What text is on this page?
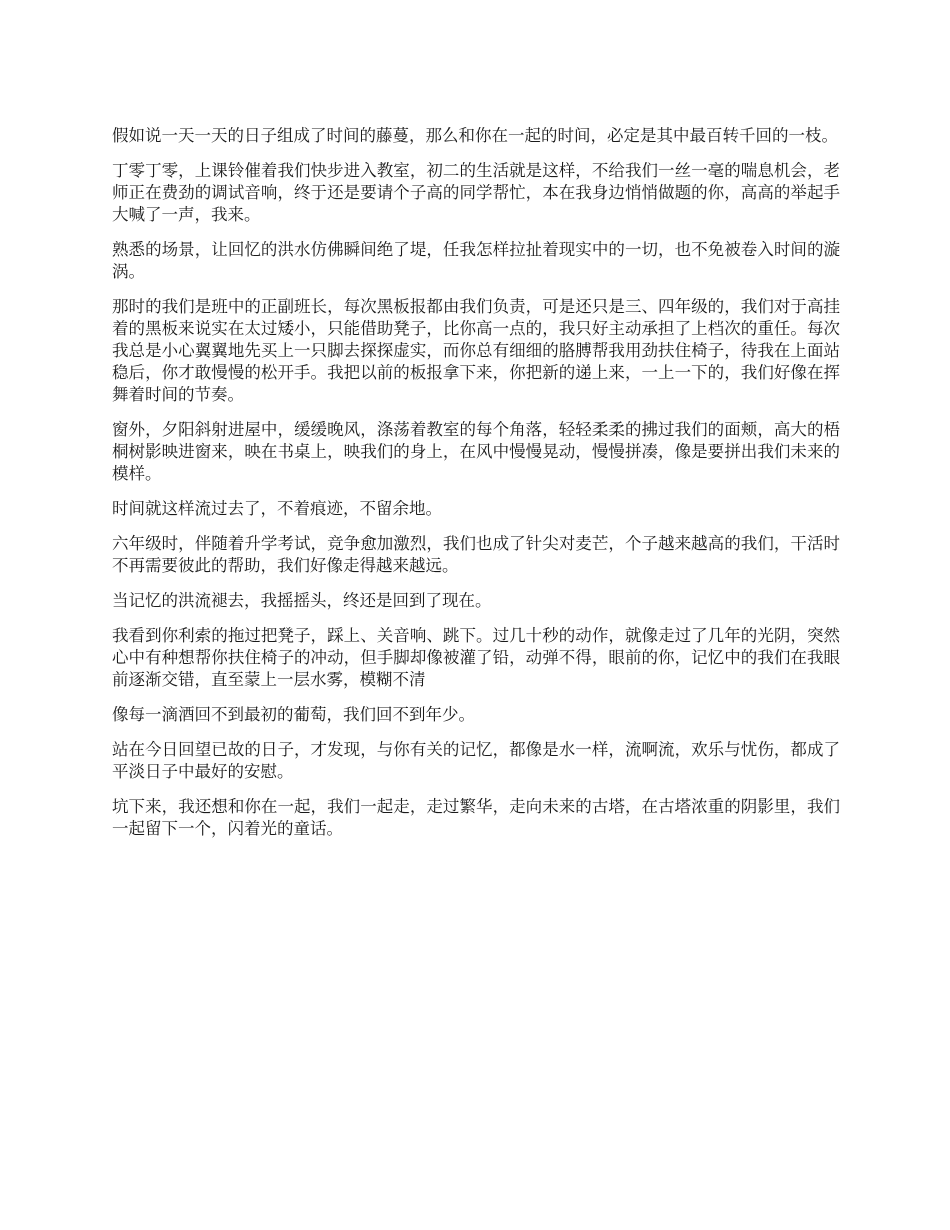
假如说一天一天的日子组成了时间的藤蔓，那么和你在一起的时间，必定是其中最百转千回的一枝。

丁零丁零，上课铃催着我们快步进入教室，初二的生活就是这样，不给我们一丝一毫的喘息机会，老师正在费劲的调试音响，终于还是要请个子高的同学帮忙，本在我身边悄悄做题的你，高高的举起手大喊了一声，我来。

熟悉的场景，让回忆的洪水仿佛瞬间绝了堤，任我怎样拉扯着现实中的一切，也不免被卷入时间的漩涡。

那时的我们是班中的正副班长，每次黑板报都由我们负责，可是还只是三、四年级的，我们对于高挂着的黑板来说实在太过矮小，只能借助凳子，比你高一点的，我只好主动承担了上档次的重任。每次我总是小心翼翼地先买上一只脚去探探虚实，而你总有细细的胳膊帮我用劲扶住椅子，待我在上面站稳后，你才敢慢慢的松开手。我把以前的板报拿下来，你把新的递上来，一上一下的，我们好像在挥舞着时间的节奏。

窗外，夕阳斜射进屋中，缓缓晚风，涤荡着教室的每个角落，轻轻柔柔的拂过我们的面颊，高大的梧桐树影映进窗来，映在书桌上，映我们的身上，在风中慢慢晃动，慢慢拼凑，像是要拼出我们未来的模样。

时间就这样流过去了，不着痕迹，不留余地。

六年级时，伴随着升学考试，竞争愈加激烈，我们也成了针尖对麦芒，个子越来越高的我们，干活时不再需要彼此的帮助，我们好像走得越来越远。

当记忆的洪流褪去，我摇摇头，终还是回到了现在。

我看到你利索的拖过把凳子，踩上、关音响、跳下。过几十秒的动作，就像走过了几年的光阴，突然心中有种想帮你扶住椅子的冲动，但手脚却像被灌了铅，动弹不得，眼前的你，记忆中的我们在我眼前逐渐交错，直至蒙上一层水雾，模糊不清

像每一滴酒回不到最初的葡萄，我们回不到年少。

站在今日回望已故的日子，才发现，与你有关的记忆，都像是水一样，流啊流，欢乐与忧伤，都成了平淡日子中最好的安慰。

坑下来，我还想和你在一起，我们一起走，走过繁华，走向未来的古塔，在古塔浓重的阴影里，我们一起留下一个，闪着光的童话。
